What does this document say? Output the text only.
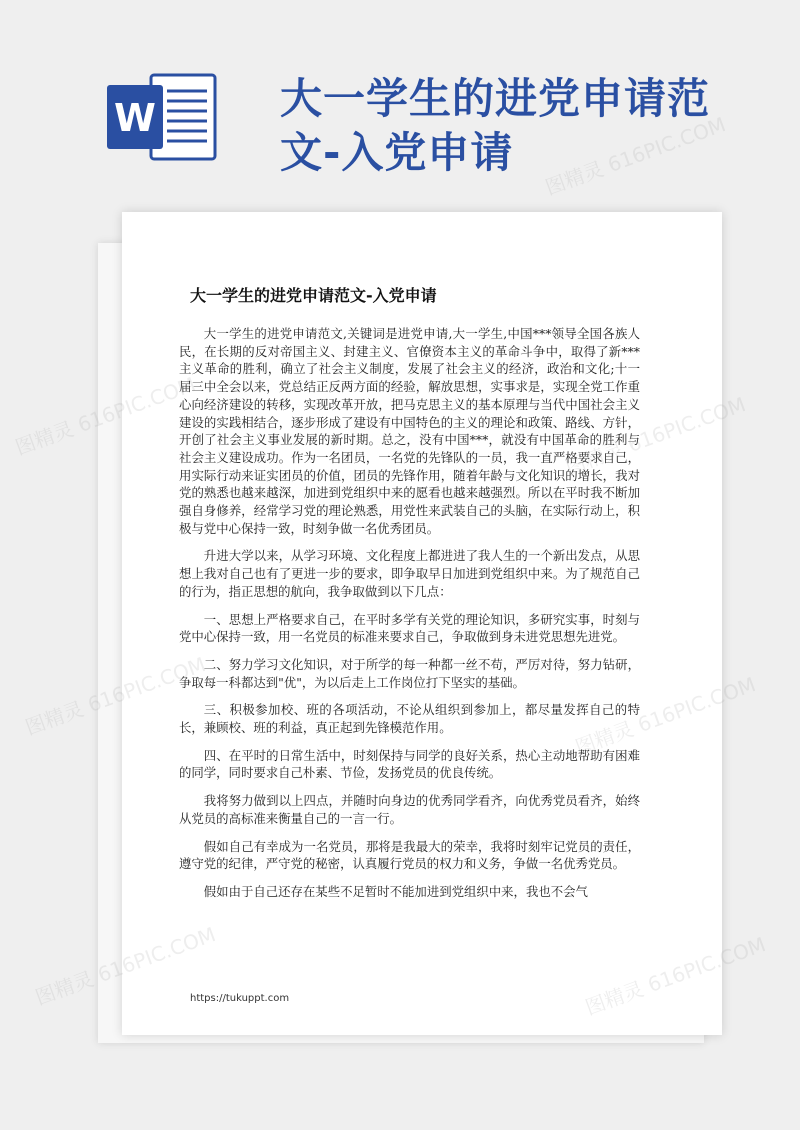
W	大一学生的进党申请范
文-入党申请
大一学生的进党申请范文-入党申请

大一学生的进党申请范文,关键词是进党申请,大一学生,中国***领导全国各族人民，在长期的反对帝国主义、封建主义、官僚资本主义的革命斗争中，取得了新***主义革命的胜利，确立了社会主义制度，发展了社会主义的经济，政治和文化;十一届三中全会以来，党总结正反两方面的经验，解放思想，实事求是，实现全党工作重心向经济建设的转移，实现改革开放，把马克思主义的基本原理与当代中国社会主义建设的实践相结合，逐步形成了建设有中国特色的主义的理论和政策、路线、方针，开创了社会主义事业发展的新时期。总之，没有中国***，就没有中国革命的胜利与社会主义建设成功。作为一名团员，一名党的先锋队的一员，我一直严格要求自己，用实际行动来证实团员的价值，团员的先锋作用，随着年龄与文化知识的增长，我对党的熟悉也越来越深，加进到党组织中来的愿看也越来越强烈。所以在平时我不断加强自身修养，经常学习党的理论熟悉，用党性来武装自己的头脑，在实际行动上，积极与党中心保持一致，时刻争做一名优秀团员。

升进大学以来，从学习环境、文化程度上都进进了我人生的一个新出发点，从思想上我对自己也有了更进一步的要求，即争取早日加进到党组织中来。为了规范自己的行为，指正思想的航向，我争取做到以下几点：

一、思想上严格要求自己，在平时多学有关党的理论知识，多研究实事，时刻与党中心保持一致，用一名党员的标准来要求自己，争取做到身未进党思想先进党。

二、努力学习文化知识，对于所学的每一种都一丝不苟，严厉对待，努力钻研，争取每一科都达到"优"，为以后走上工作岗位打下坚实的基础。

三、积极参加校、班的各项活动，不论从组织到参加上，都尽量发挥自己的特长，兼顾校、班的利益，真正起到先锋模范作用。

四、在平时的日常生活中，时刻保持与同学的良好关系，热心主动地帮助有困难的同学，同时要求自己朴素、节俭，发扬党员的优良传统。

我将努力做到以上四点，并随时向身边的优秀同学看齐，向优秀党员看齐，始终从党员的高标准来衡量自己的一言一行。

假如自己有幸成为一名党员，那将是我最大的荣幸，我将时刻牢记党员的责任，遵守党的纪律，严守党的秘密，认真履行党员的权力和义务，争做一名优秀党员。

假如由于自己还存在某些不足暂时不能加进到党组织中来，我也不会气

https://tukuppt.com
图精灵 616PIC.COM
图精灵
图精灵
图精灵
